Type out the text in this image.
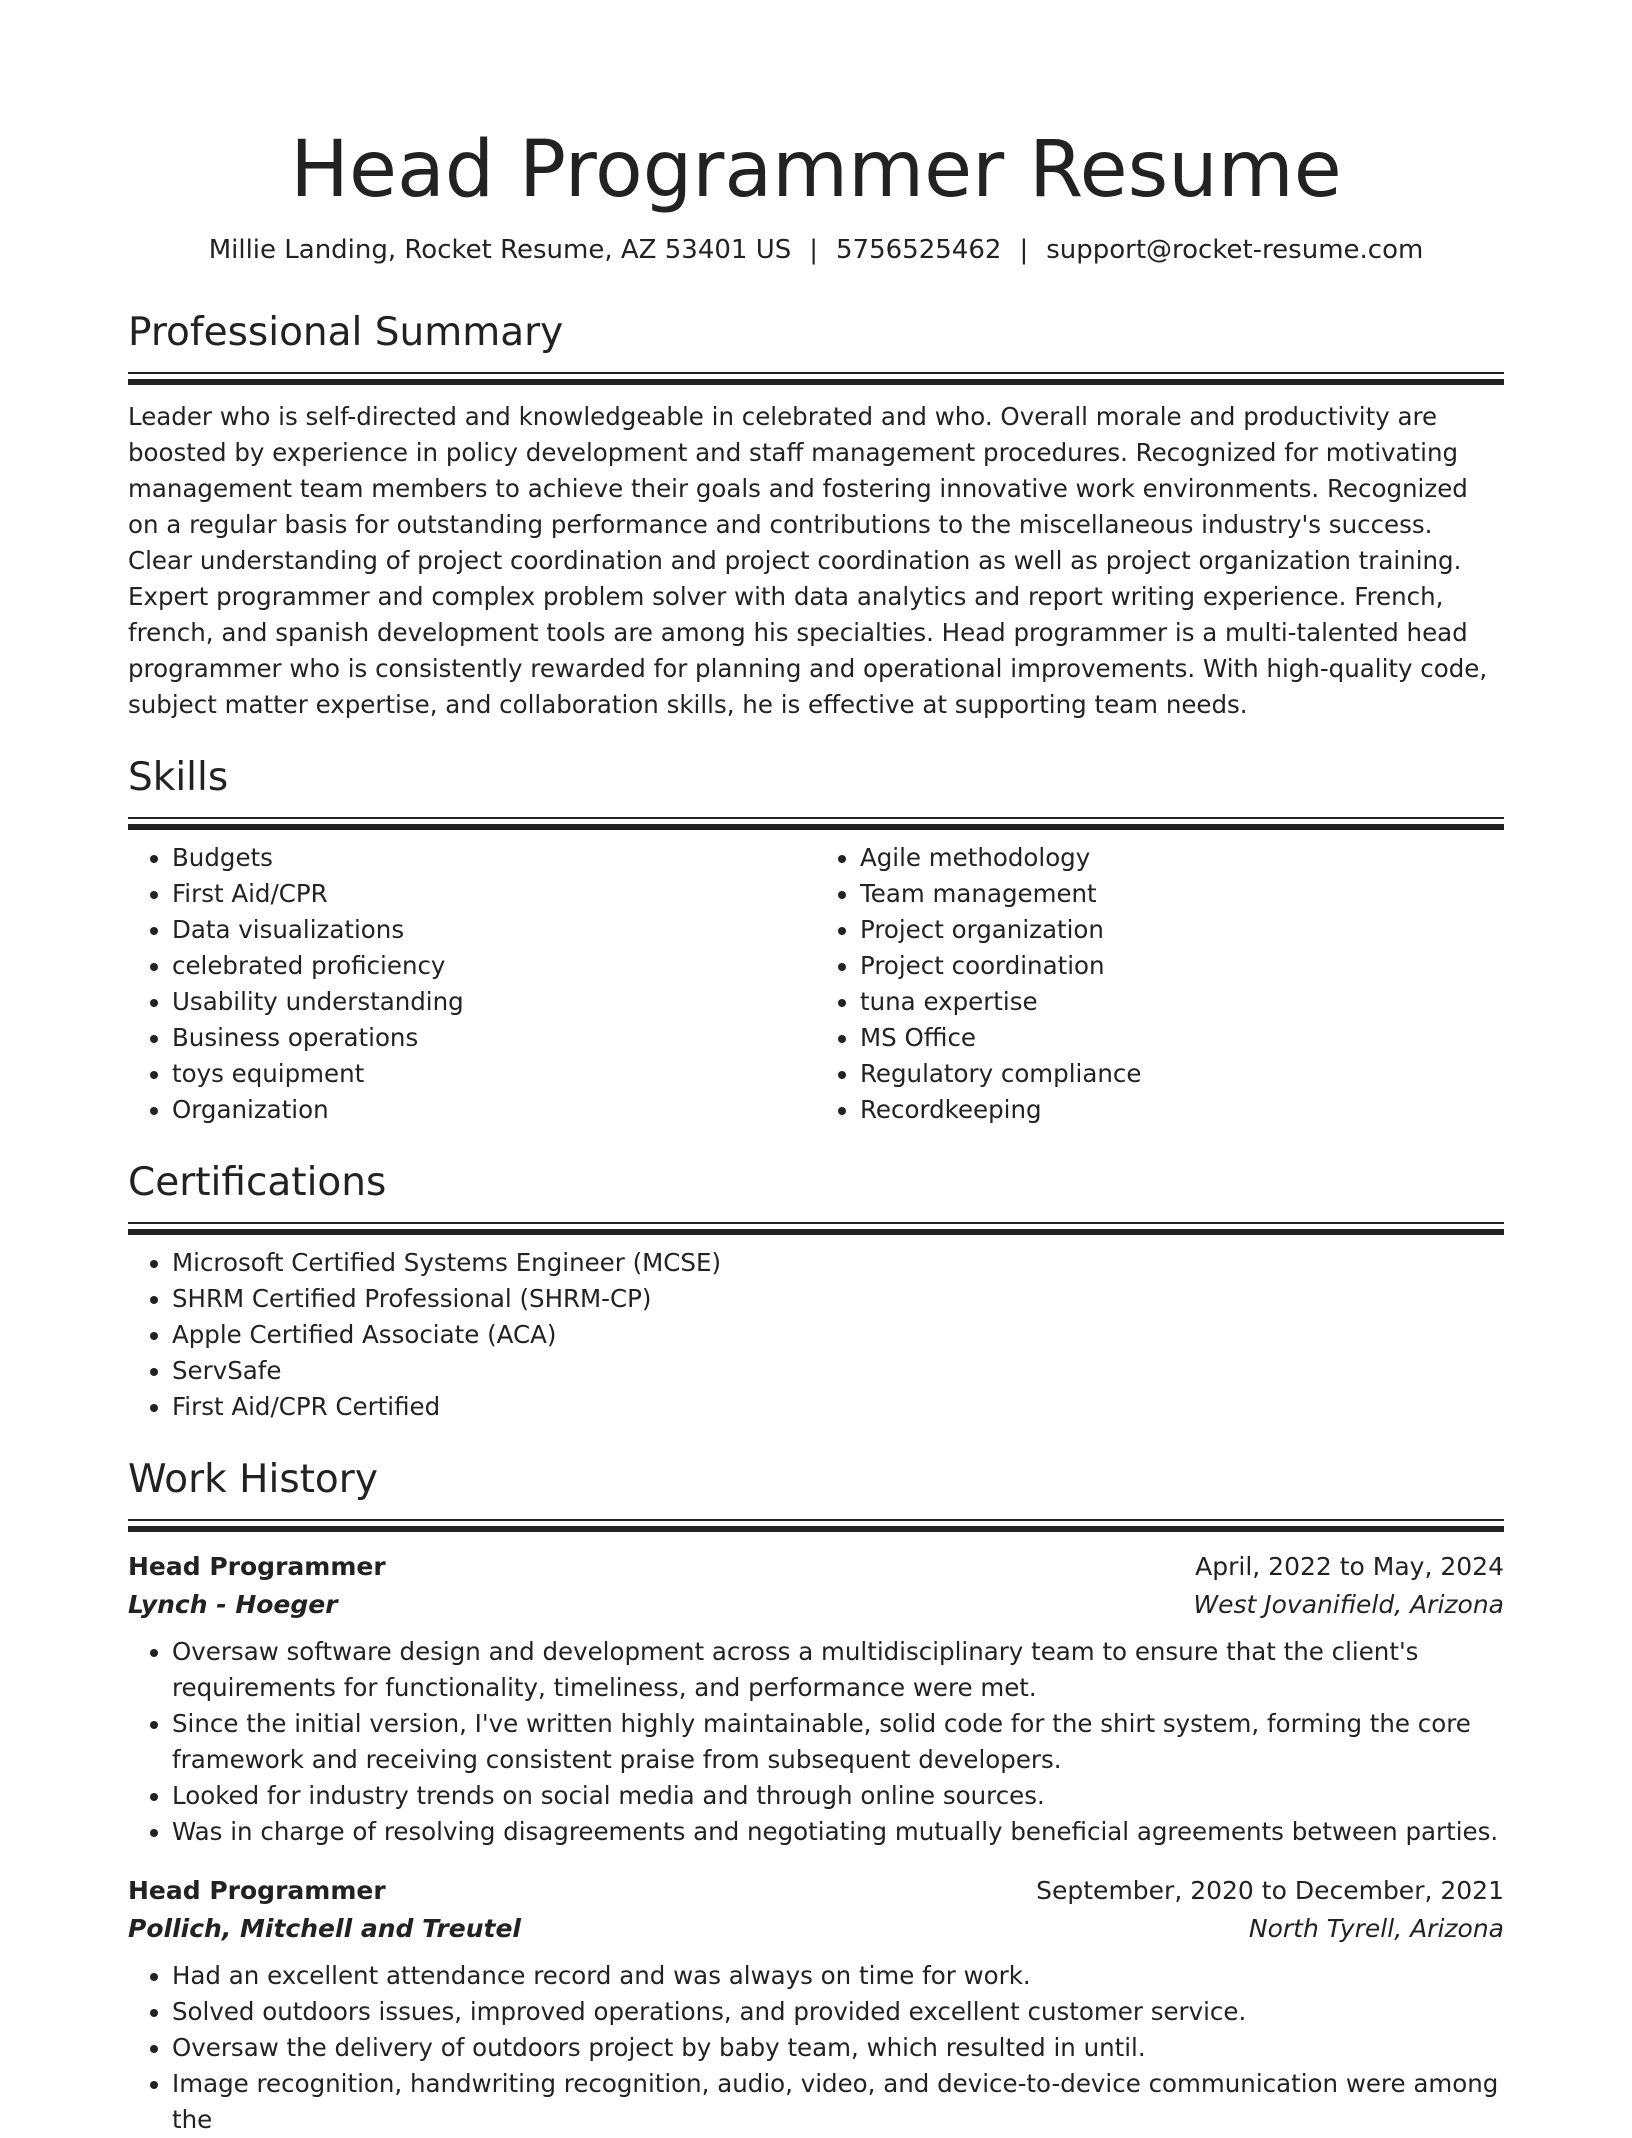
Head Programmer Resume
Millie Landing, Rocket Resume, AZ 53401 US | 5756525462 | support@rocket-resume.com
Professional Summary

Leader who is self-directed and knowledgeable in celebrated and who. Overall morale and productivity are boosted by experience in policy development and staff management procedures. Recognized for motivating management team members to achieve their goals and fostering innovative work environments. Recognized on a regular basis for outstanding performance and contributions to the miscellaneous industry's success. Clear understanding of project coordination and project coordination as well as project organization training. Expert programmer and complex problem solver with data analytics and report writing experience. French, french, and spanish development tools are among his specialties. Head programmer is a multi-talented head programmer who is consistently rewarded for planning and operational improvements. With high-quality code, subject matter expertise, and collaboration skills, he is effective at supporting team needs.

Skills
• Budgets
• First Aid/CPR
• Data visualizations
• celebrated proficiency
• Usability understanding
• Business operations
• toys equipment
• Organization
• Agile methodology
• Team management
• Project organization
• Project coordination
• tuna expertise
• MS Office
• Regulatory compliance
• Recordkeeping
Certifications
• Microsoft Certified Systems Engineer (MCSE)
• SHRM Certified Professional (SHRM-CP)
• Apple Certified Associate (ACA)
• ServSafe
• First Aid/CPR Certified
Work History
Head Programmer	April, 2022 to May, 2024
Lynch - Hoeger	West Jovanifield, Arizona
• Oversaw software design and development across a multidisciplinary team to ensure that the client's requirements for functionality, timeliness, and performance were met.
• Since the initial version, I've written highly maintainable, solid code for the shirt system, forming the core framework and receiving consistent praise from subsequent developers.
• Looked for industry trends on social media and through online sources.
• Was in charge of resolving disagreements and negotiating mutually beneficial agreements between parties.
Head Programmer	September, 2020 to December, 2021
Pollich, Mitchell and Treutel	North Tyrell, Arizona
• Had an excellent attendance record and was always on time for work.
• Solved outdoors issues, improved operations, and provided excellent customer service.
• Oversaw the delivery of outdoors project by baby team, which resulted in until.
• Image recognition, handwriting recognition, audio, video, and device-to-device communication were among the
